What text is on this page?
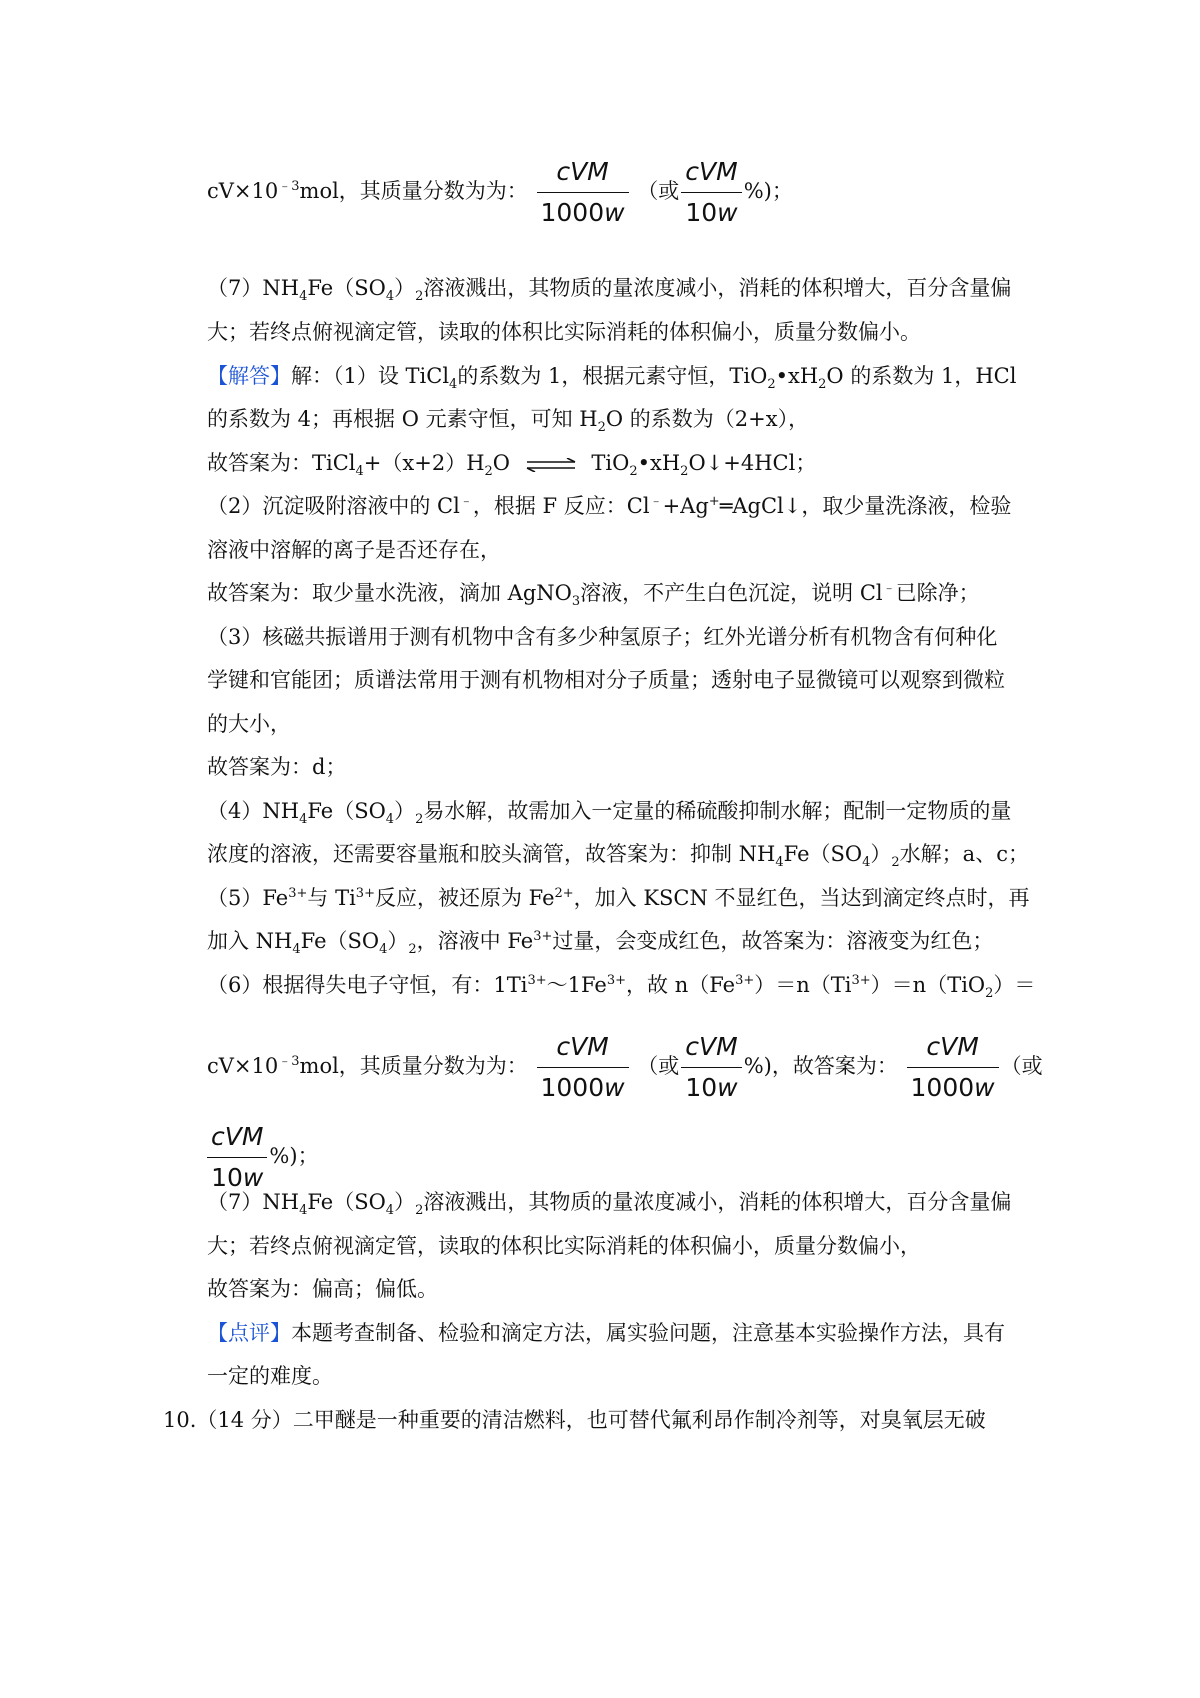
$cV\times 10^{﹣3}mol$，其质量分数为为： $\frac{\text{cVM}}{1000w}$ （或 $\frac{\text{cVM}}{10w}$ %)；
$(7)NH_4Fe(SO_4)_2$溶液溅出，其物质的量浓度减小，消耗的体积增大，百分含量偏
大；若终点俯视滴定管，读取的体积比实际消耗的体积偏小，质量分数偏小。
【解答】解：（1）设 TiCl$_4$的系数为 1，根据元素守恒，$TiO_2•xH_2O$ 的系数为 1，HCl
的系数为 4；再根据 O 元素守恒，可知 $H_2O$ 的系数为（2+x），
故答案为：$TiCl_4+(x+2)H_2O$ ⇌ $TiO_2•xH_2O↓+4HCl$；
（2）沉淀吸附溶液中的 Cl﹣，根据 F 反应：Cl﹣+Ag+═AgCl↓，取少量洗涤液，检验
溶液中溶解的离子是否还存在，
故答案为：取少量水洗液，滴加 AgNO$_3$溶液，不产生白色沉淀，说明 Cl﹣已除净；
（3）核磁共振谱用于测有机物中含有多少种氢原子；红外光谱分析有机物含有何种化
学键和官能团；质谱法常用于测有机物相对分子质量；透射电子显微镜可以观察到微粒
的大小，
故答案为：d；
$(4)NH_4Fe(SO_4)_2$易水解，故需加入一定量的稀硫酸抑制水解；配制一定物质的量
浓度的溶液，还需要容量瓶和胶头滴管，故答案为：抑制 $NH_4Fe(SO_4)_2$水解；a、c；
$(5)Fe^{3+}$与 $Ti^{3+}$反应，被还原为 $Fe^{2+}$，加入 KSCN 不显红色，当达到滴定终点时，再
加入 $NH_4Fe(SO_4)_2$，溶液中 $Fe^{3+}$过量，会变成红色，故答案为：溶液变为红色；
（6）根据得失电子守恒，有：$1Ti^{3+}\sim 1Fe^{3+}$，故 $n(Fe^{3+})=n(Ti^{3+})=n(TiO_2)=$
$cV\times 10^{﹣3}mol$，其质量分数为为： $\frac{\text{cVM}}{1000w}$ （或 $\frac{\text{cVM}}{10w}$ %)，故答案为： $\frac{\text{cVM}}{1000w}$ （或
$\frac{\text{cVM}}{10w}$ %)；
$(7)NH_4Fe(SO_4)_2$溶液溅出，其物质的量浓度减小，消耗的体积增大，百分含量偏
大；若终点俯视滴定管，读取的体积比实际消耗的体积偏小，质量分数偏小，
故答案为：偏高；偏低。
【点评】本题考查制备、检验和滴定方法，属实验问题，注意基本实验操作方法，具有
一定的难度。
10.（14 分）二甲醚是一种重要的清洁燃料，也可替代氟利昂作制冷剂等，对臭氧层无破
